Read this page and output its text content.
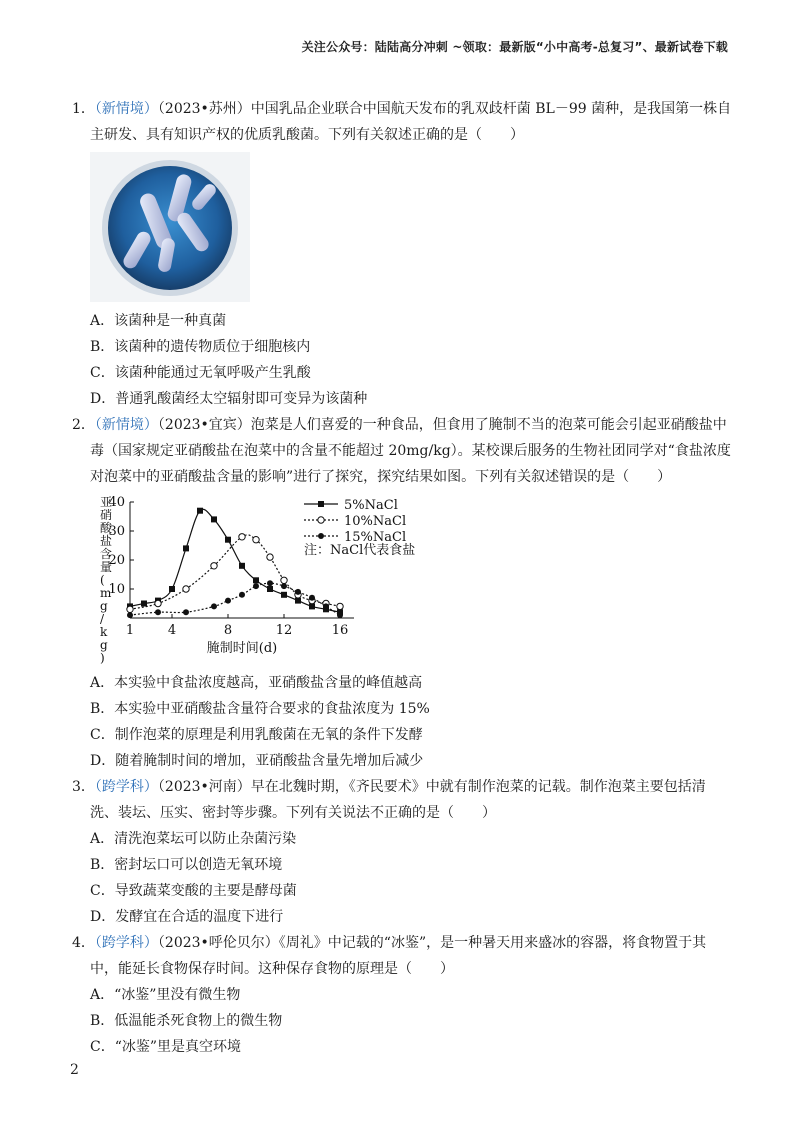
关注公众号：陆陆高分冲刺 ~领取：最新版“小中高考-总复习”、最新试卷下载

1．（新情境）（2023•苏州）中国乳品企业联合中国航天发布的乳双歧杆菌 BL－99 菌种，是我国第一株自主研发、具有知识产权的优质乳酸菌。下列有关叙述正确的是（　　）

A．该菌种是一种真菌

B．该菌种的遗传物质位于细胞核内

C．该菌种能通过无氧呼吸产生乳酸

D．普通乳酸菌经太空辐射即可变异为该菌种

2．（新情境）（2023•宜宾）泡菜是人们喜爱的一种食品，但食用了腌制不当的泡菜可能会引起亚硝酸盐中毒（国家规定亚硝酸盐在泡菜中的含量不能超过 20mg/kg）。某校课后服务的生物社团同学对“食盐浓度对泡菜中的亚硝酸盐含量的影响”进行了探究，探究结果如图。下列有关叙述错误的是（　　）

10
20
30
40
1	4	8	12	16
腌制时间(d)
亚硝酸盐含量( m g / k g )
5%NaCl
10%NaCl
15%NaCl
注：NaCl代表食盐

A．本实验中食盐浓度越高，亚硝酸盐含量的峰值越高

B．本实验中亚硝酸盐含量符合要求的食盐浓度为 15%

C．制作泡菜的原理是利用乳酸菌在无氧的条件下发酵

D．随着腌制时间的增加，亚硝酸盐含量先增加后减少

3．（跨学科）（2023•河南）早在北魏时期，《齐民要术》中就有制作泡菜的记载。制作泡菜主要包括清洗、装坛、压实、密封等步骤。下列有关说法不正确的是（　　）

A．清洗泡菜坛可以防止杂菌污染

B．密封坛口可以创造无氧环境

C．导致蔬菜变酸的主要是酵母菌

D．发酵宜在合适的温度下进行

4．（跨学科）（2023•呼伦贝尔）《周礼》中记载的“冰鉴”，是一种暑天用来盛冰的容器，将食物置于其中，能延长食物保存时间。这种保存食物的原理是（　　）

A．“冰鉴”里没有微生物

B．低温能杀死食物上的微生物

C．“冰鉴”里是真空环境

2
